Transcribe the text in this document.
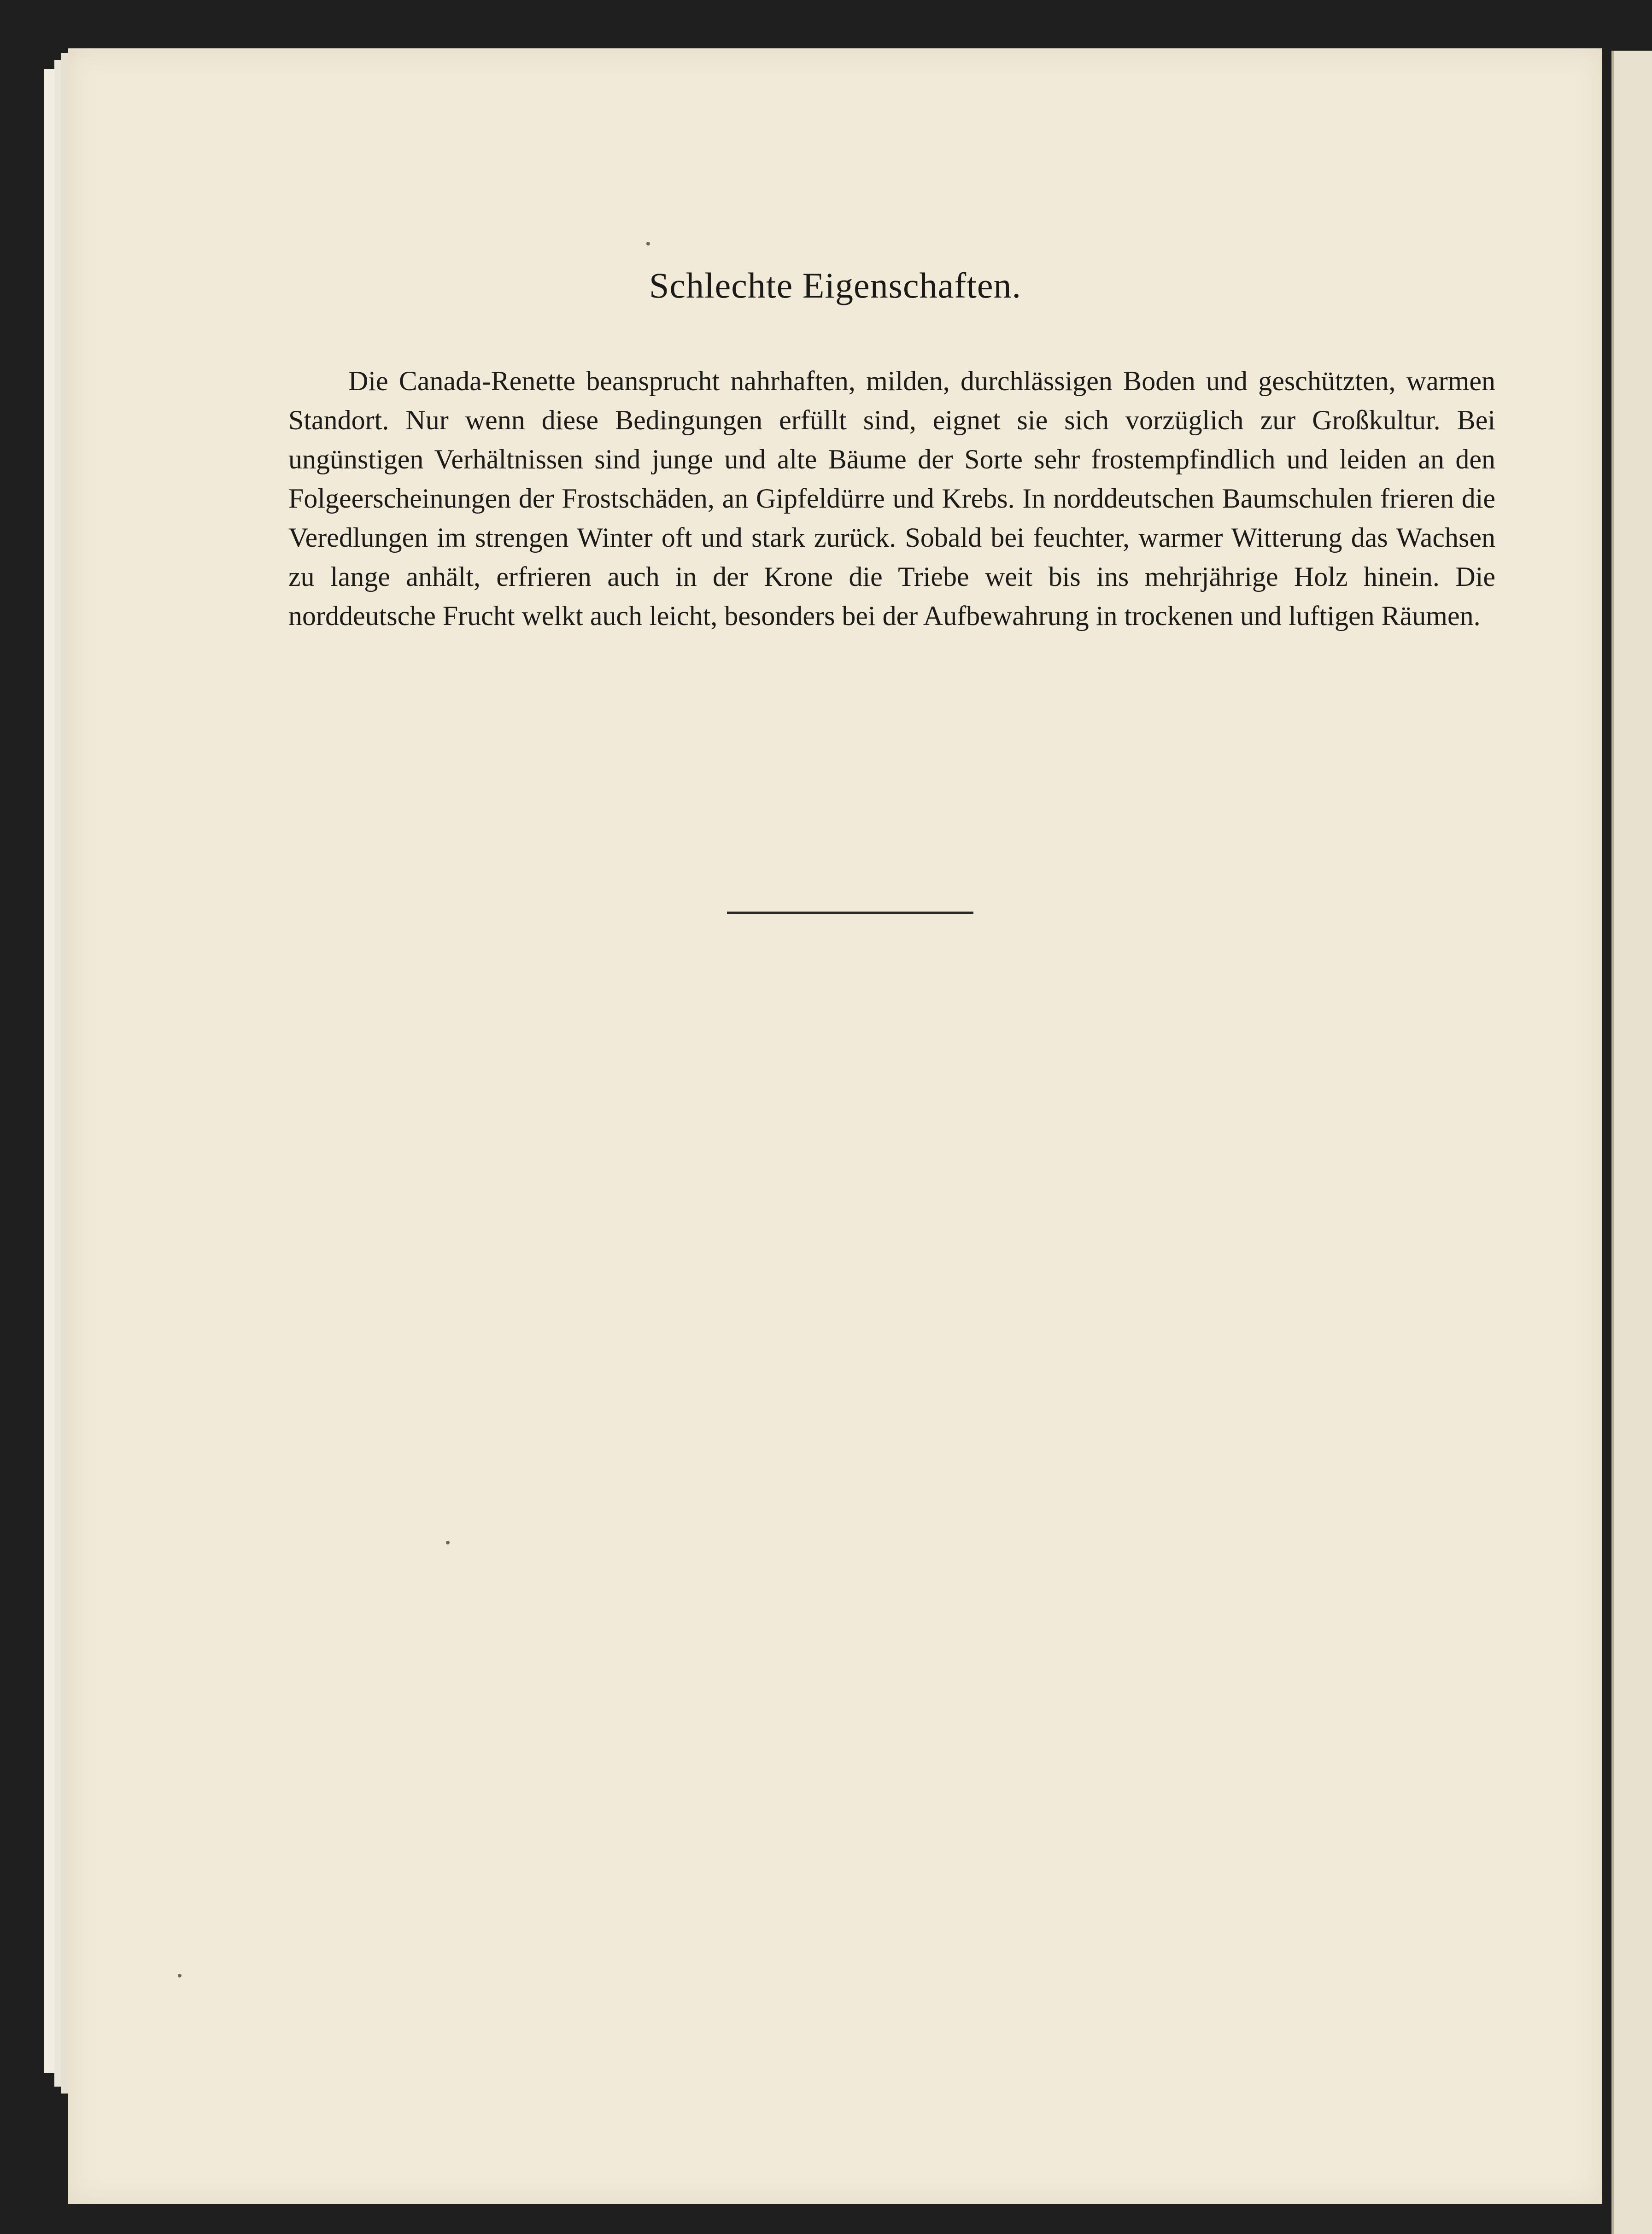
Schlechte Eigenschaften.

Die Canada-Renette beansprucht nahrhaften, milden, durchlässigen Boden und geschützten, warmen Standort. Nur wenn diese Bedingungen erfüllt sind, eignet sie sich vorzüglich zur Großkultur. Bei ungünstigen Verhältnissen sind junge und alte Bäume der Sorte sehr frostempfindlich und leiden an den Folgeerscheinungen der Frostschäden, an Gipfeldürre und Krebs. In norddeutschen Baumschulen frieren die Veredlungen im strengen Winter oft und stark zurück. Sobald bei feuchter, warmer Witterung das Wachsen zu lange anhält, erfrieren auch in der Krone die Triebe weit bis ins mehrjährige Holz hinein. Die norddeutsche Frucht welkt auch leicht, besonders bei der Aufbewahrung in trockenen und luftigen Räumen.
